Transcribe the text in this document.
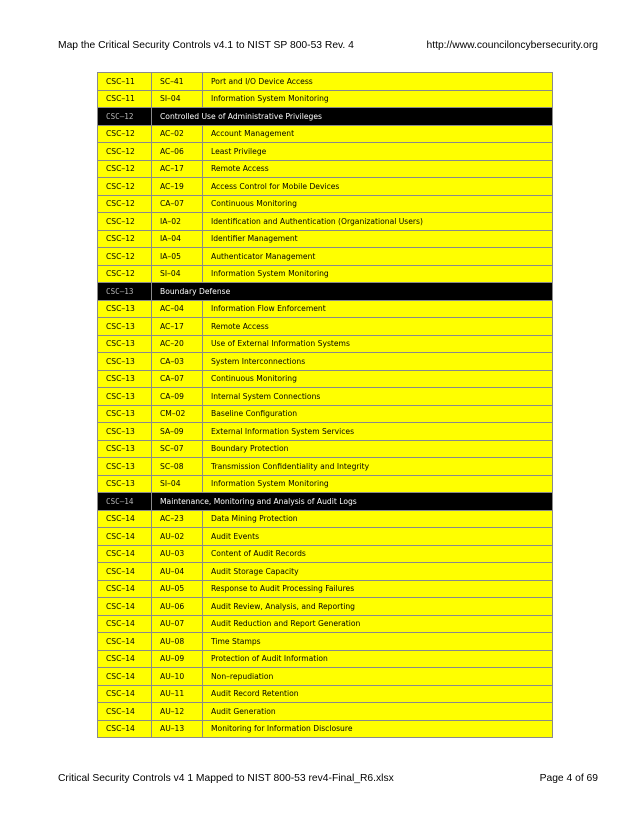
Map the Critical Security Controls v4.1 to NIST SP 800-53 Rev. 4	http://www.counciloncybersecurity.org
CSC–11	SC–41	Port and I/O Device Access
CSC–11	SI–04	Information System Monitoring
CSC–12	Controlled Use of Administrative Privileges	
CSC–12	AC–02	Account Management
CSC–12	AC–06	Least Privilege
CSC–12	AC–17	Remote Access
CSC–12	AC–19	Access Control for Mobile Devices
CSC–12	CA–07	Continuous Monitoring
CSC–12	IA–02	Identification and Authentication (Organizational Users)
CSC–12	IA–04	Identifier Management
CSC–12	IA–05	Authenticator Management
CSC–12	SI–04	Information System Monitoring
CSC–13	Boundary Defense	
CSC–13	AC–04	Information Flow Enforcement
CSC–13	AC–17	Remote Access
CSC–13	AC–20	Use of External Information Systems
CSC–13	CA–03	System Interconnections
CSC–13	CA–07	Continuous Monitoring
CSC–13	CA–09	Internal System Connections
CSC–13	CM–02	Baseline Configuration
CSC–13	SA–09	External Information System Services
CSC–13	SC–07	Boundary Protection
CSC–13	SC–08	Transmission Confidentiality and Integrity
CSC–13	SI–04	Information System Monitoring
CSC–14	Maintenance, Monitoring and Analysis of Audit Logs	
CSC–14	AC–23	Data Mining Protection
CSC–14	AU–02	Audit Events
CSC–14	AU–03	Content of Audit Records
CSC–14	AU–04	Audit Storage Capacity
CSC–14	AU–05	Response to Audit Processing Failures
CSC–14	AU–06	Audit Review, Analysis, and Reporting
CSC–14	AU–07	Audit Reduction and Report Generation
CSC–14	AU–08	Time Stamps
CSC–14	AU–09	Protection of Audit Information
CSC–14	AU–10	Non–repudiation
CSC–14	AU–11	Audit Record Retention
CSC–14	AU–12	Audit Generation
CSC–14	AU–13	Monitoring for Information Disclosure
Critical Security Controls v4 1 Mapped to NIST 800-53 rev4-Final_R6.xlsx	Page 4 of 69
